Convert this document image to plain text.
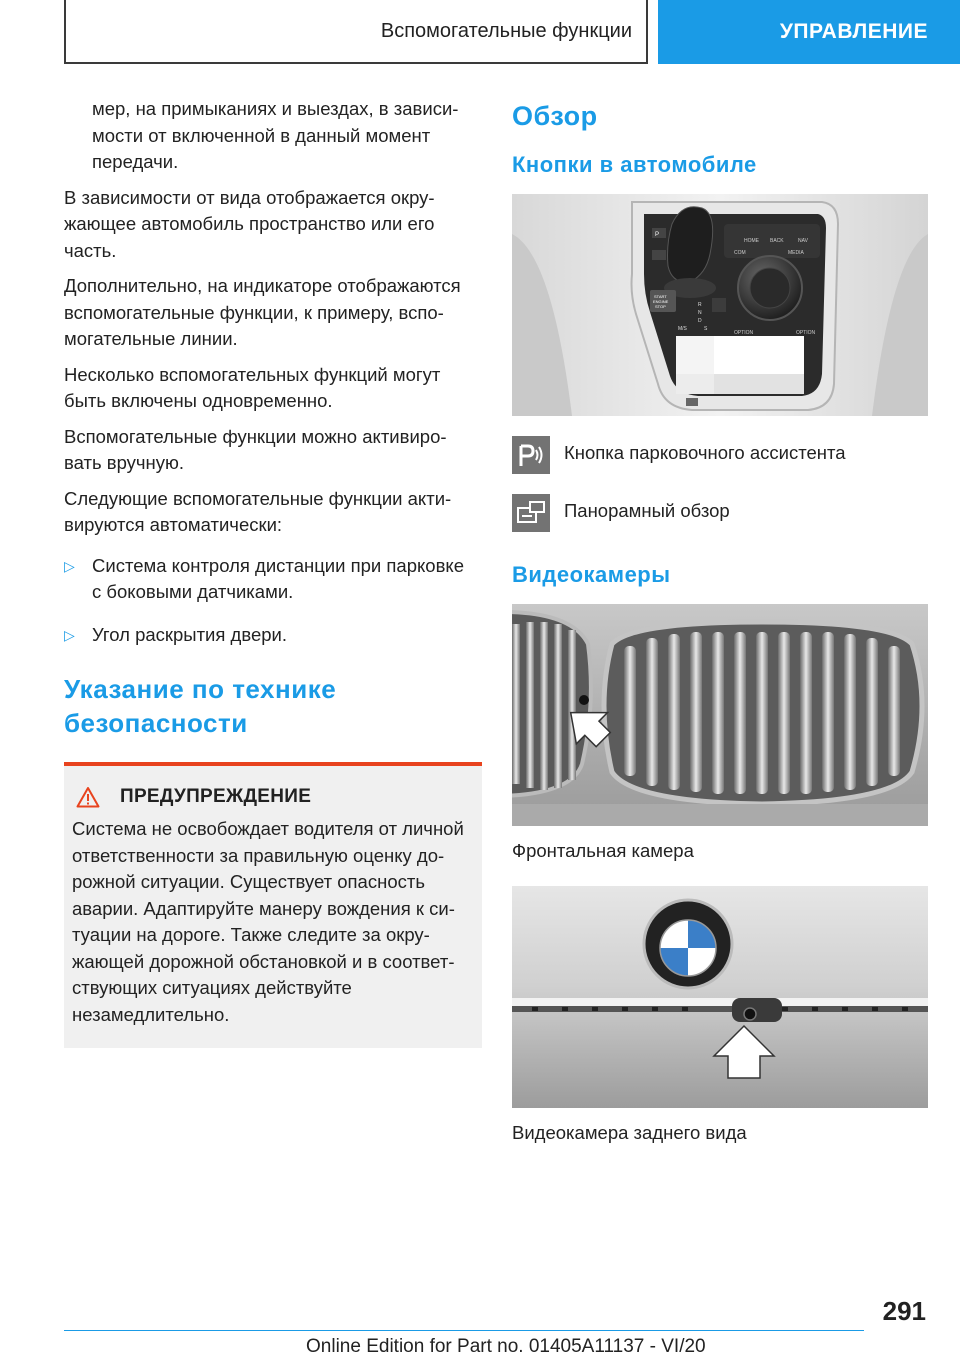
Вспомогательные функции	УПРАВЛЕНИЕ

мер, на примыканиях и выездах, в зависи-

мости от включенной в данный момент

передачи.

В зависимости от вида отображается окру-

жающее автомобиль пространство или его

часть.

Дополнительно, на индикаторе отображаются

вспомогательные функции, к примеру, вспо-

могательные линии.

Несколько вспомогательных функций могут

быть включены одновременно.

Вспомогательные функции можно активиро-

вать вручную.

Следующие вспомогательные функции акти-

вируются автоматически:

▷ Система контроля дистанции при парковке

с боковыми датчиками.

▷ Угол раскрытия двери.

Указание по технике
безопасности
ПРЕДУПРЕЖДЕНИЕ

Система не освобождает водителя от личной

ответственности за правильную оценку до-

рожной ситуации. Существует опасность

аварии. Адаптируйте манеру вождения к си-

туации на дороге. Также следите за окру-

жающей дорожной обстановкой и в соответ-

ствующих ситуациях действуйте

незамедлительно.

Обзор
Кнопки в автомобиле
HOME BACK	NAV
COM	MEDIA
OPTION	OPTION
P
START
ENGINE
STOP	R
N
D
M/S	S
Кнопка парковочного ассистента
Панорамный обзор
Видеокамеры

Фронтальная камера

Видеокамера заднего вида

291
Online Edition for Part no. 01405A11137 - VI/20
